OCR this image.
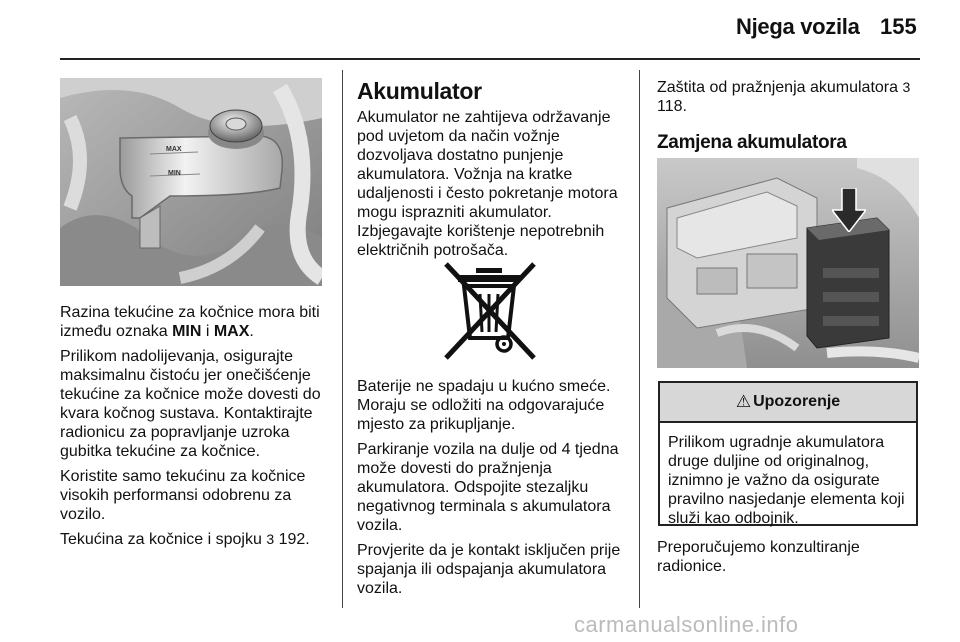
Njega vozila 155
MAX
MIN

Razina tekućine za kočnice mora biti između oznaka MIN i MAX.

Prilikom nadolijevanja, osigurajte maksimalnu čistoću jer onečišćenje tekućine za kočnice može dovesti do kvara kočnog sustava. Kontaktirajte radionicu za popravljanje uzroka gubitka tekućine za kočnice.

Koristite samo tekućinu za kočnice visokih performansi odobrenu za vozilo.

Tekućina za kočnice i spojku 3 192.

Akumulator

Akumulator ne zahtijeva održavanje pod uvjetom da način vožnje dozvoljava dostatno punjenje akumulatora. Vožnja na kratke udaljenosti i često pokretanje motora mogu isprazniti akumulator.

Izbjegavajte korištenje nepotrebnih električnih potrošača.

Baterije ne spadaju u kućno smeće. Moraju se odložiti na odgovarajuće mjesto za prikupljanje.

Parkiranje vozila na dulje od 4 tjedna može dovesti do pražnjenja akumulatora. Odspojite stezaljku negativnog terminala s akumulatora vozila.

Provjerite da je kontakt isključen prije spajanja ili odspajanja akumulatora vozila.

Zaštita od pražnjenja akumulatora 3 118.

Zamjena akumulatora
⚠ Upozorenje
Prilikom ugradnje akumulatora druge duljine od originalnog, iznimno je važno da osigurate pravilno nasjedanje elementa koji služi kao odbojnik.

Preporučujemo konzultiranje radionice.

carmanualsonline.info
